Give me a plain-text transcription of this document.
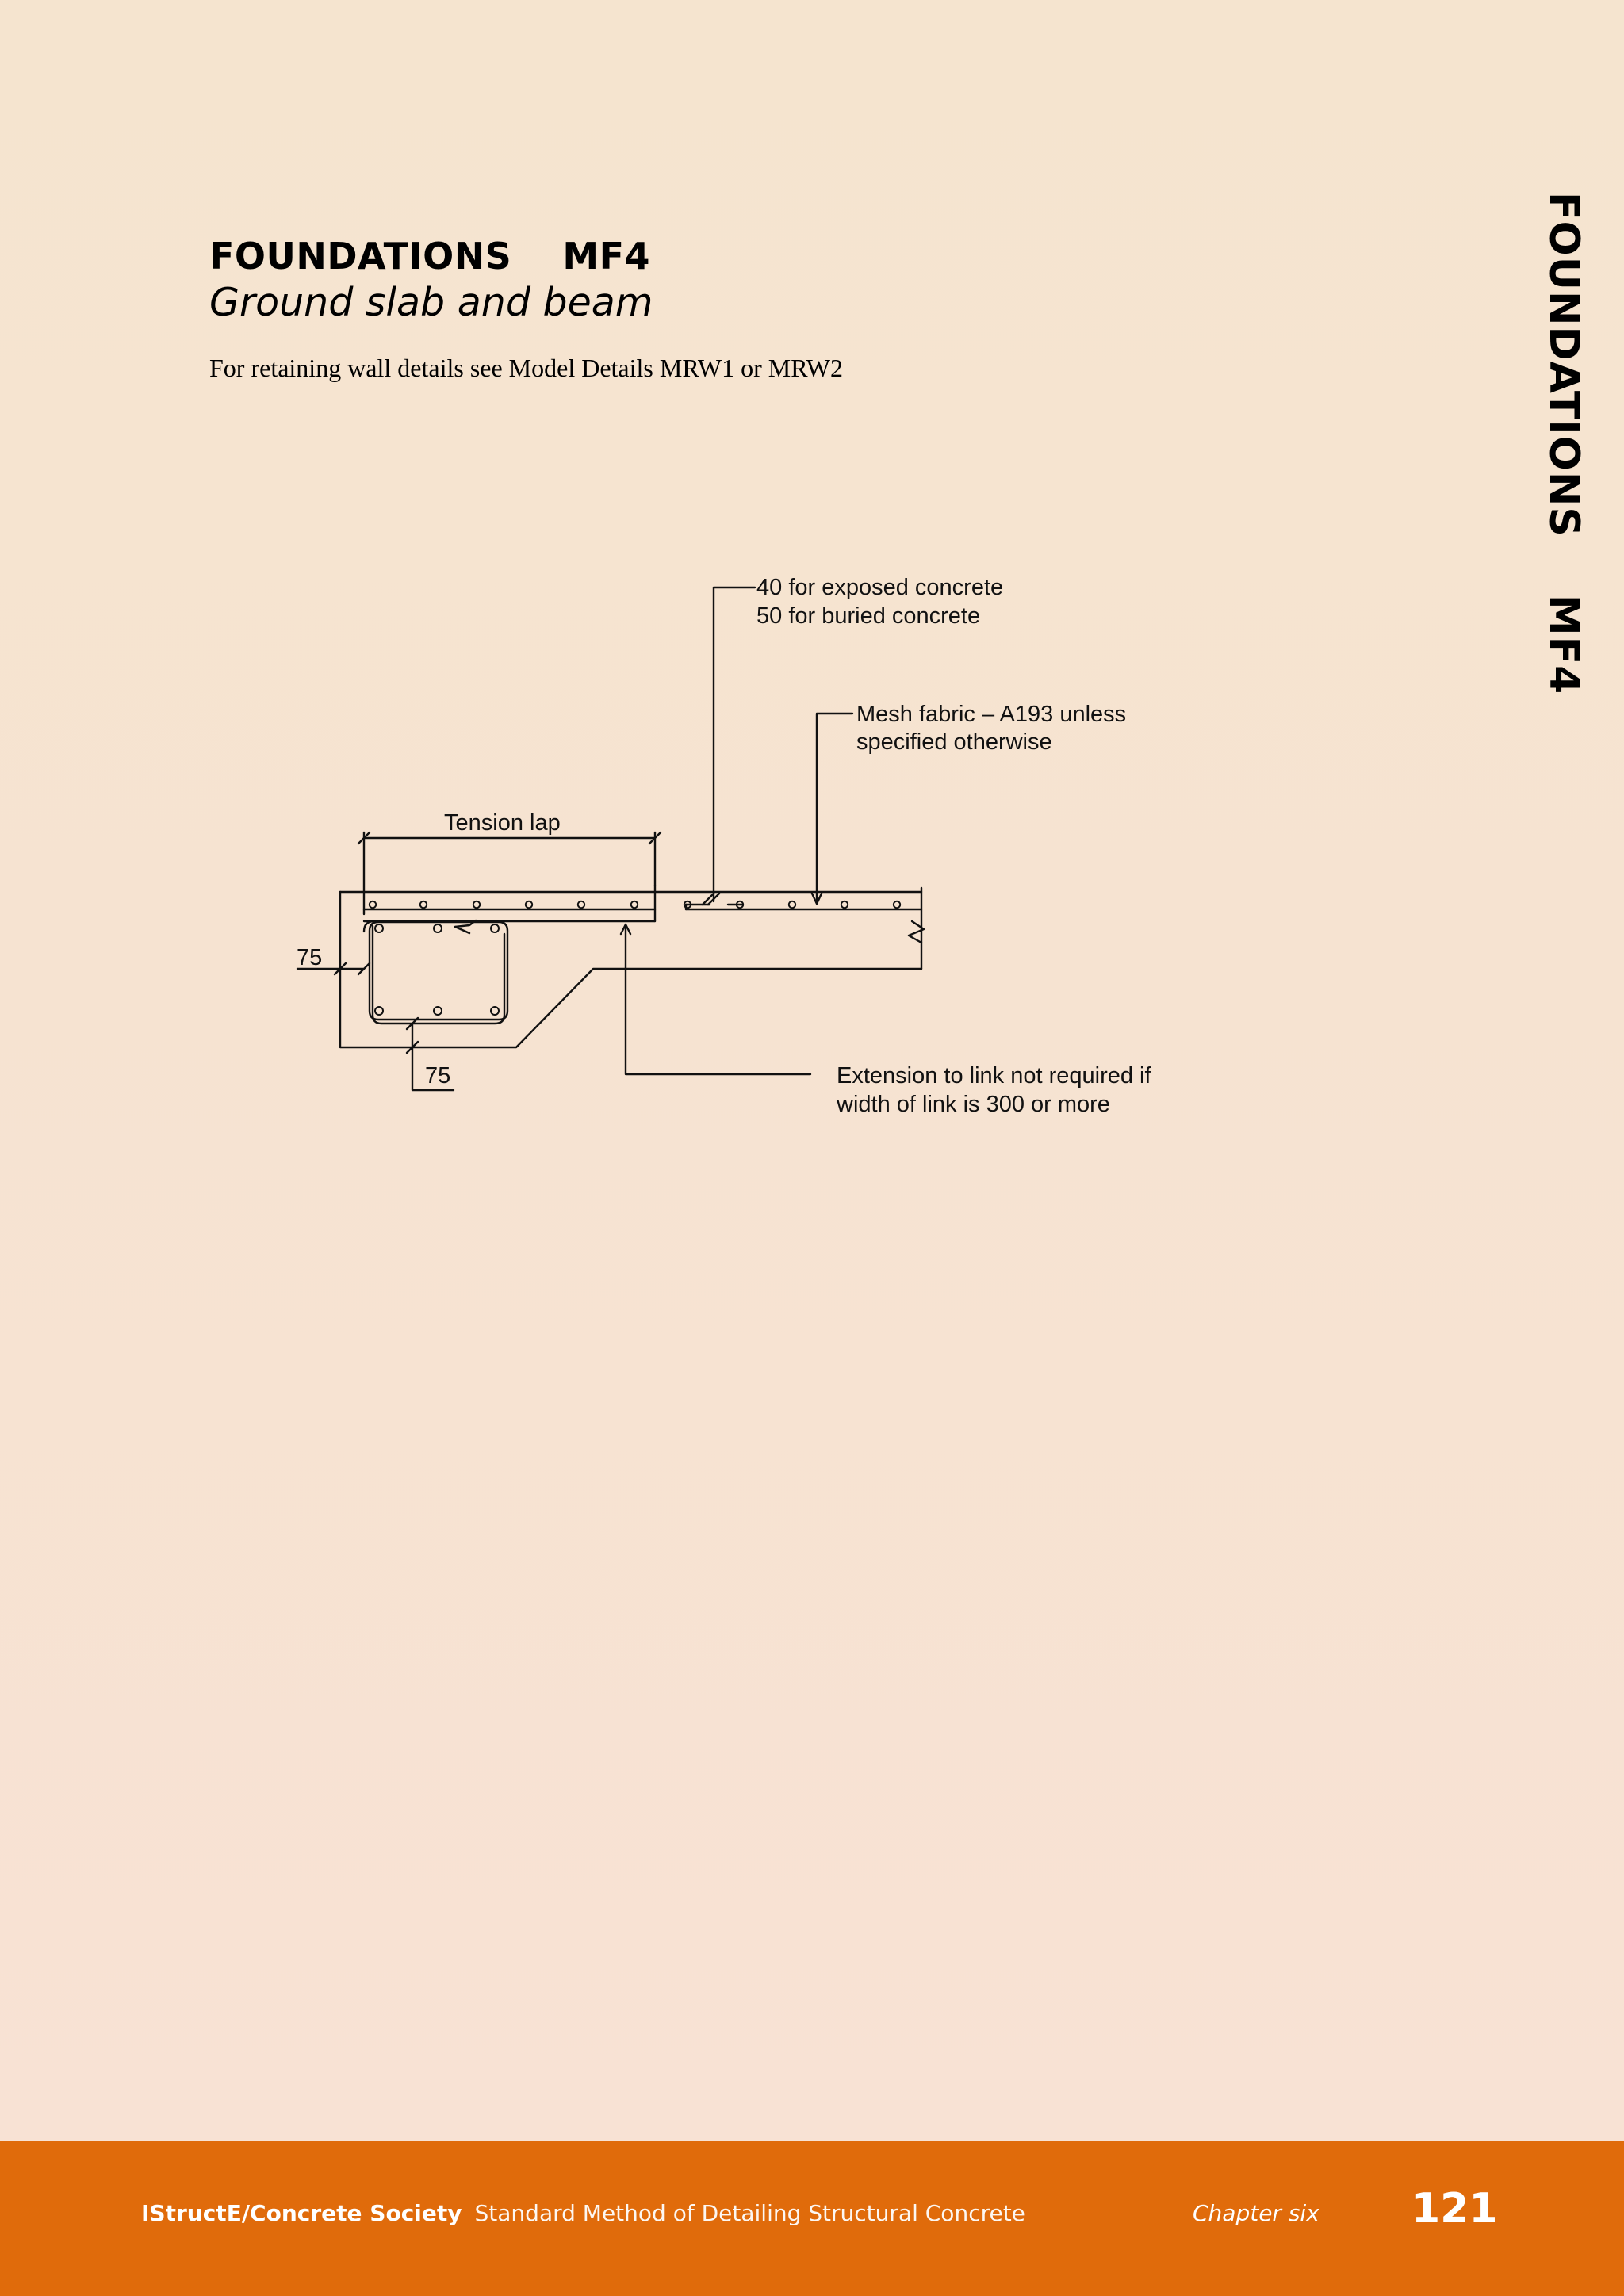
FOUNDATIONS MF4
Ground slab and beam
For retaining wall details see Model Details MRW1 or MRW2	FOUNDATIONSMF4
40 for exposed concrete
50 for buried concrete
Mesh fabric – A193 unless
specified otherwise
Tension lap
75
75	Extension to link not required if
width of link is 300 or more
IStructE/Concrete Society Standard Method of Detailing Structural Concrete	Chapter six 121
